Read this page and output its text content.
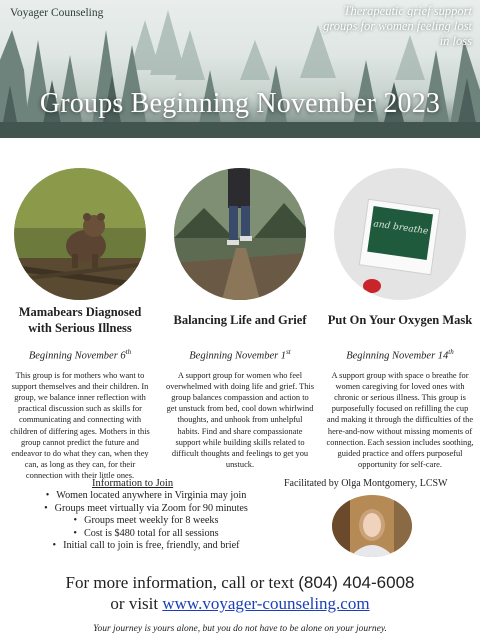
Voyager Counseling	Therapeutic grief support groups for women feeling lost in loss
Groups Beginning November 2023
Mamabears Diagnosed with Serious Illness
Beginning November 6th
This group is for mothers who want to support themselves and their children. In group, we balance inner reflection with practical discussion such as skills for communicating and connecting with children of differing ages. Mothers in this group cannot predict the future and endeavor to do what they can, when they can, as long as they can, for their connection with their little ones.
Balancing Life and Grief
Beginning November 1st
A support group for women who feel overwhelmed with doing life and grief. This group balances compassion and action to get unstuck from bed, cool down whirlwind thoughts, and unhook from unhelpful habits. Find and share compassionate support while building skills related to difficult thoughts and feelings to get you unstuck.
and breathe
Put On Your Oxygen Mask
Beginning November 14th
A support group with space o breathe for women caregiving for loved ones with chronic or serious illness. This group is purposefully focused on refilling the cup and making it through the difficulties of the here-and-now without missing moments of connection. Each session includes soothing, guided practice and offers purposeful opportunity for self-care.
Information to Join
• Women located anywhere in Virginia may join
• Groups meet virtually via Zoom for 90 minutes
• Groups meet weekly for 8 weeks
• Cost is $480 total for all sessions
• Initial call to join is free, friendly, and brief
Facilitated by Olga Montgomery, LCSW
For more information, call or text (804) 404-6008
or visit www.voyager-counseling.com
Your journey is yours alone, but you do not have to be alone on your journey.
